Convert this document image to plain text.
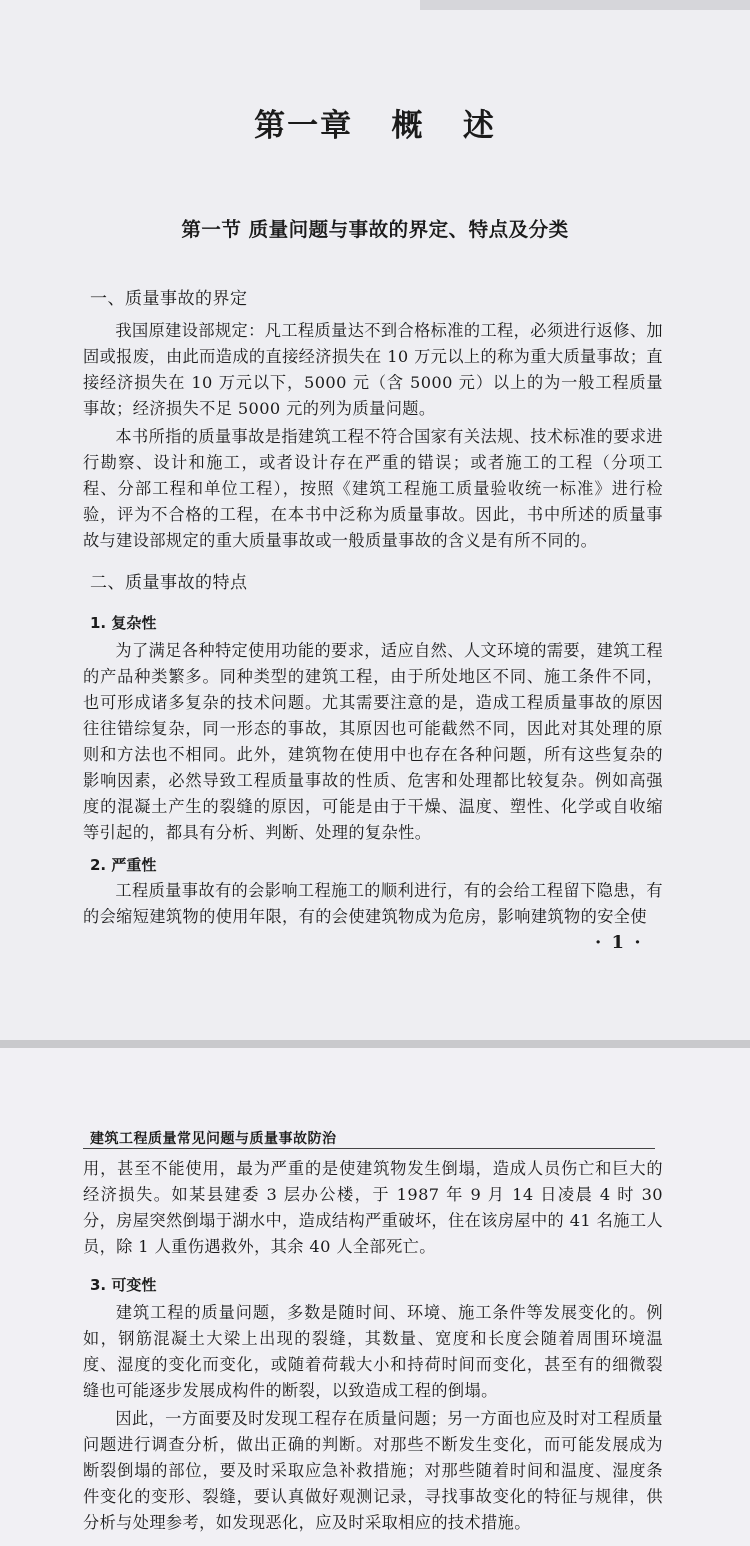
第一章   概   述
第一节 质量问题与事故的界定、特点及分类
一、质量事故的界定

我国原建设部规定：凡工程质量达不到合格标准的工程，必须进行返修、加固或报废，由此而造成的直接经济损失在 10 万元以上的称为重大质量事故；直接经济损失在 10 万元以下，5000 元（含 5000 元）以上的为一般工程质量事故；经济损失不足 5000 元的列为质量问题。

本书所指的质量事故是指建筑工程不符合国家有关法规、技术标准的要求进行勘察、设计和施工，或者设计存在严重的错误；或者施工的工程（分项工程、分部工程和单位工程），按照《建筑工程施工质量验收统一标准》进行检验，评为不合格的工程，在本书中泛称为质量事故。因此，书中所述的质量事故与建设部规定的重大质量事故或一般质量事故的含义是有所不同的。

二、质量事故的特点
1. 复杂性

为了满足各种特定使用功能的要求，适应自然、人文环境的需要，建筑工程的产品种类繁多。同种类型的建筑工程，由于所处地区不同、施工条件不同，也可形成诸多复杂的技术问题。尤其需要注意的是，造成工程质量事故的原因往往错综复杂，同一形态的事故，其原因也可能截然不同，因此对其处理的原则和方法也不相同。此外，建筑物在使用中也存在各种问题，所有这些复杂的影响因素，必然导致工程质量事故的性质、危害和处理都比较复杂。例如高强度的混凝土产生的裂缝的原因，可能是由于干燥、温度、塑性、化学或自收缩等引起的，都具有分析、判断、处理的复杂性。

2. 严重性

工程质量事故有的会影响工程施工的顺利进行，有的会给工程留下隐患，有的会缩短建筑物的使用年限，有的会使建筑物成为危房，影响建筑物的安全使

· 1 ·
建筑工程质量常见问题与质量事故防治

用，甚至不能使用，最为严重的是使建筑物发生倒塌，造成人员伤亡和巨大的经济损失。如某县建委 3 层办公楼，于 1987 年 9 月 14 日凌晨 4 时 30 分，房屋突然倒塌于湖水中，造成结构严重破坏，住在该房屋中的 41 名施工人员，除 1 人重伤遇救外，其余 40 人全部死亡。

3. 可变性

建筑工程的质量问题，多数是随时间、环境、施工条件等发展变化的。例如，钢筋混凝土大梁上出现的裂缝，其数量、宽度和长度会随着周围环境温度、湿度的变化而变化，或随着荷载大小和持荷时间而变化，甚至有的细微裂缝也可能逐步发展成构件的断裂，以致造成工程的倒塌。

因此，一方面要及时发现工程存在质量问题；另一方面也应及时对工程质量问题进行调查分析，做出正确的判断。对那些不断发生变化，而可能发展成为断裂倒塌的部位，要及时采取应急补救措施；对那些随着时间和温度、湿度条件变化的变形、裂缝，要认真做好观测记录，寻找事故变化的特征与规律，供分析与处理参考，如发现恶化，应及时采取相应的技术措施。
